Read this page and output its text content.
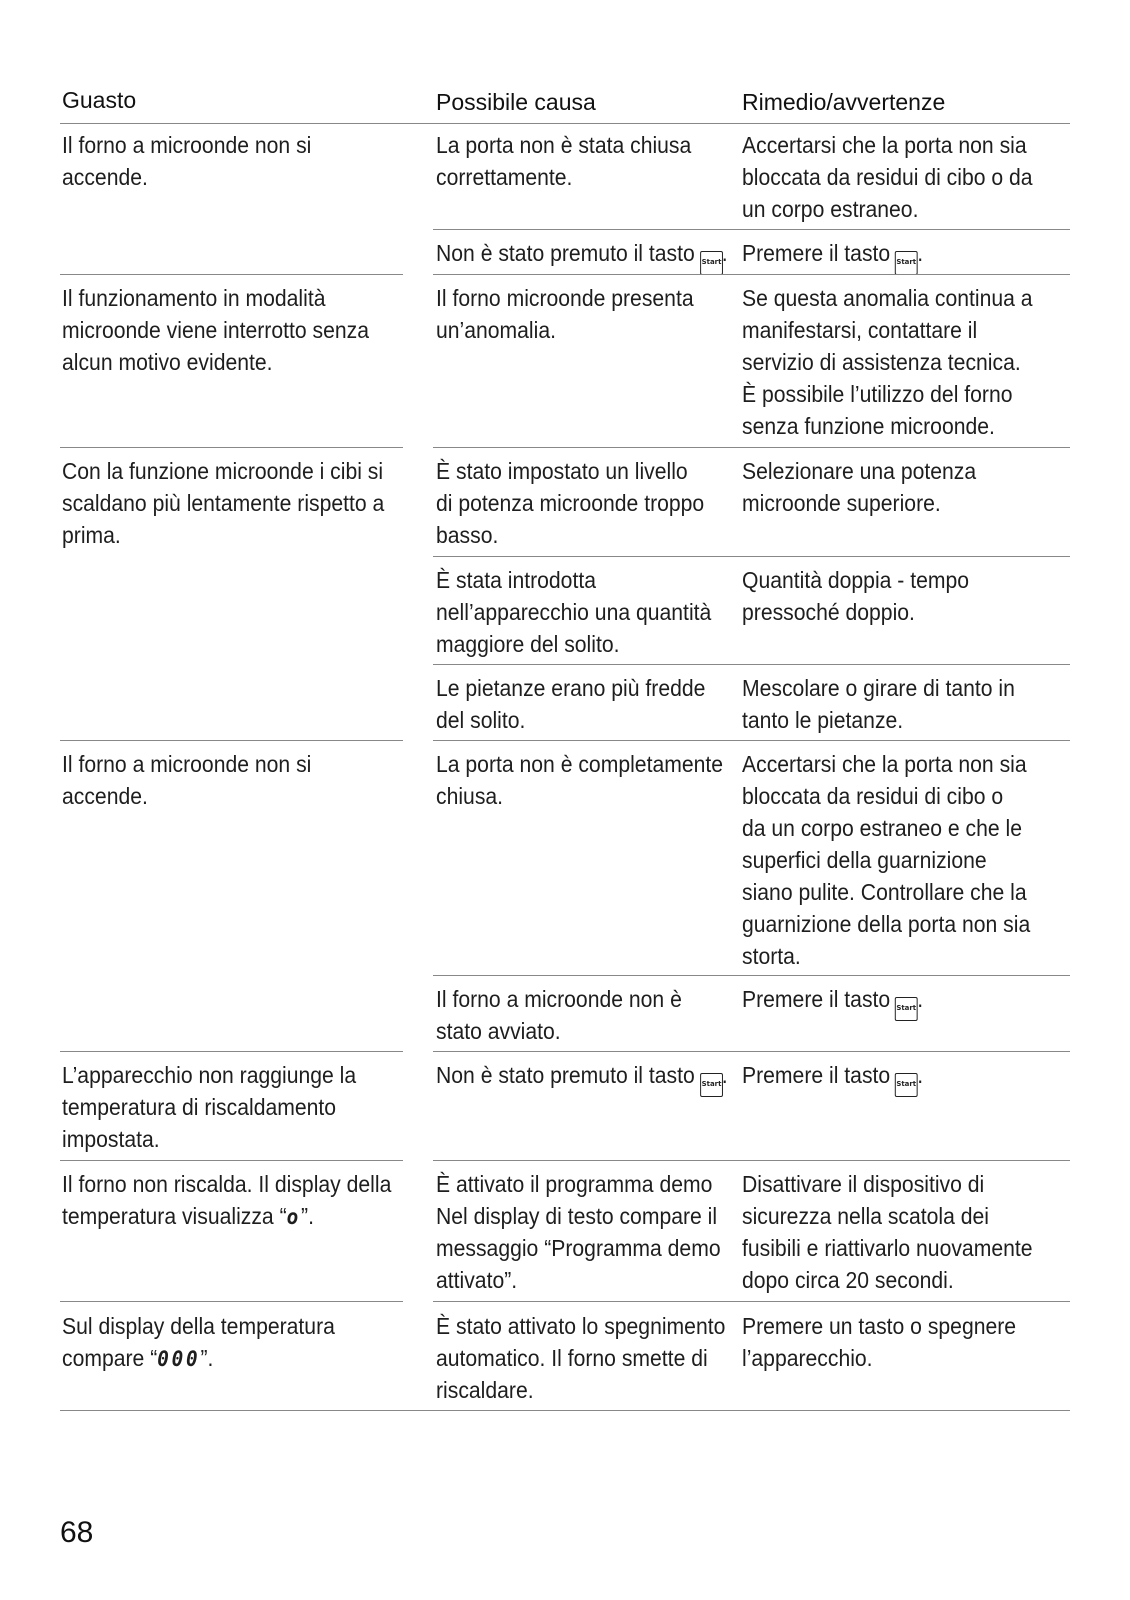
Guasto	Possibile causa	Rimedio/avvertenze
Il forno a microonde non si
accende.
La porta non è stata chiusa
correttamente.
Accertarsi che la porta non sia
bloccata da residui di cibo o da
un corpo estraneo.
Non è stato premuto il tasto Start. Premere il tasto Start.
Il funzionamento in modalità
microonde viene interrotto senza
alcun motivo evidente.
Il forno microonde presenta
un’anomalia.
Se questa anomalia continua a
manifestarsi, contattare il
servizio di assistenza tecnica.
È possibile l’utilizzo del forno
senza funzione microonde.
Con la funzione microonde i cibi si
scaldano più lentamente rispetto a
prima.
È stato impostato un livello
di potenza microonde troppo
basso.
Selezionare una potenza
microonde superiore.
È stata introdotta
nell’apparecchio una quantità
maggiore del solito.
Quantità doppia - tempo
pressoché doppio.
Le pietanze erano più fredde
del solito.
Mescolare o girare di tanto in
tanto le pietanze.
Il forno a microonde non si
accende.
La porta non è completamente
chiusa.
Accertarsi che la porta non sia
bloccata da residui di cibo o
da un corpo estraneo e che le
superfici della guarnizione
siano pulite. Controllare che la
guarnizione della porta non sia
storta.
Il forno a microonde non è
stato avviato.
Premere il tasto Start.
L’apparecchio non raggiunge la
temperatura di riscaldamento
impostata.
Non è stato premuto il tasto Start. Premere il tasto Start.
Il forno non riscalda. Il display della
temperatura visualizza “o”.
È attivato il programma demo
Nel display di testo compare il
messaggio “Programma demo
attivato”.
Disattivare il dispositivo di
sicurezza nella scatola dei
fusibili e riattivarlo nuovamente
dopo circa 20 secondi.
Sul display della temperatura
compare “000”.
È stato attivato lo spegnimento
automatico. Il forno smette di
riscaldare.
Premere un tasto o spegnere
l’apparecchio.
68
